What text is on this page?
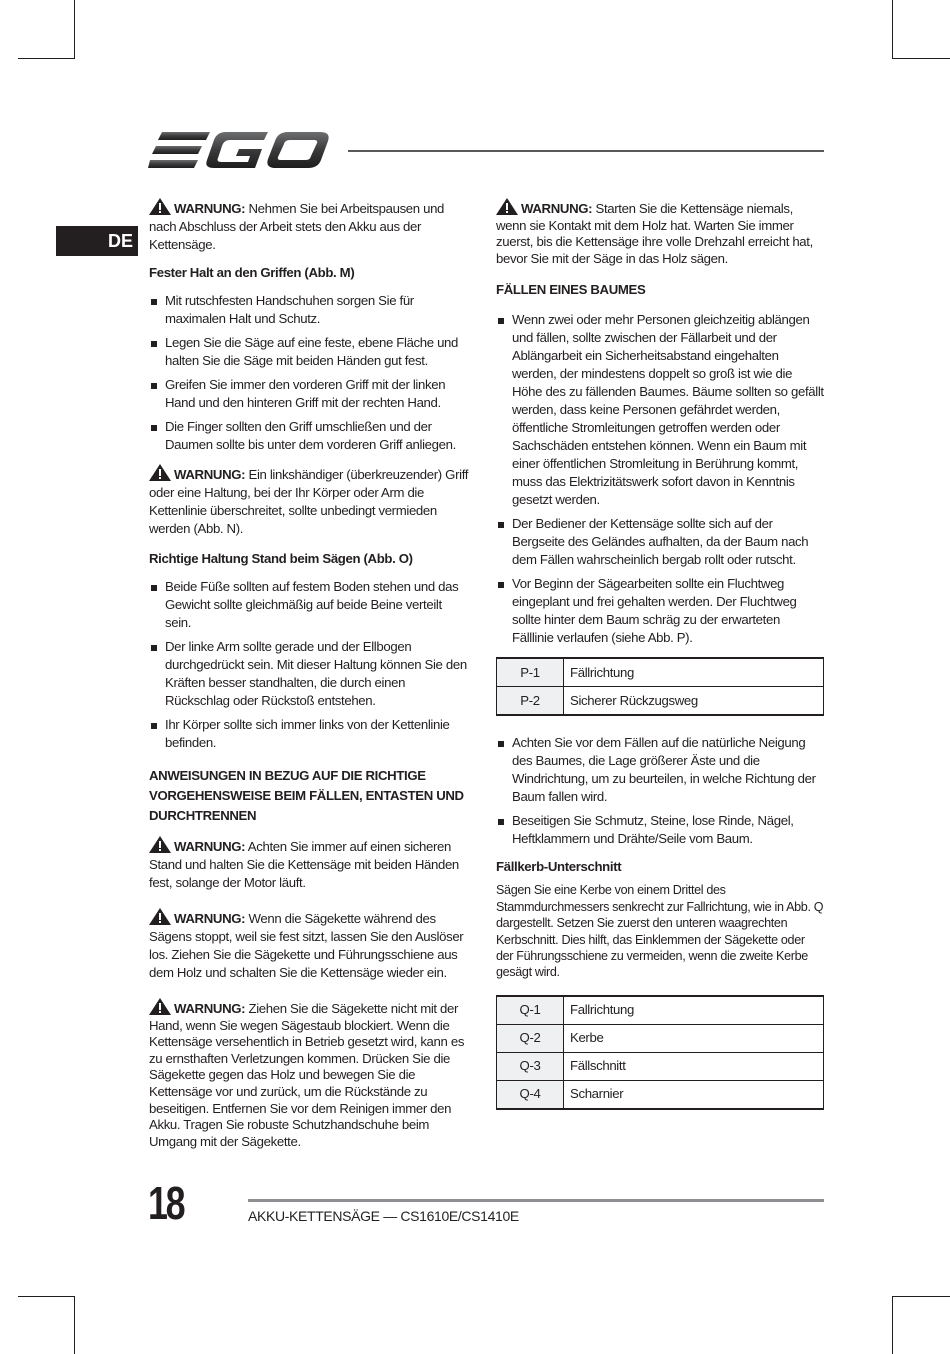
DE

WARNUNG: Nehmen Sie bei Arbeitspausen und nach Abschluss der Arbeit stets den Akku aus der Kettensäge.

Fester Halt an den Griffen (Abb. M)
Mit rutschfesten Handschuhen sorgen Sie für maximalen Halt und Schutz.
Legen Sie die Säge auf eine feste, ebene Fläche und halten Sie die Säge mit beiden Händen gut fest.
Greifen Sie immer den vorderen Griff mit der linken Hand und den hinteren Griff mit der rechten Hand.
Die Finger sollten den Griff umschließen und der Daumen sollte bis unter dem vorderen Griff anliegen.

WARNUNG: Ein linkshändiger (überkreuzender) Griff oder eine Haltung, bei der Ihr Körper oder Arm die Kettenlinie überschreitet, sollte unbedingt vermieden werden (Abb. N).

Richtige Haltung Stand beim Sägen (Abb. O)
Beide Füße sollten auf festem Boden stehen und das Gewicht sollte gleichmäßig auf beide Beine verteilt sein.
Der linke Arm sollte gerade und der Ellbogen durchgedrückt sein. Mit dieser Haltung können Sie den Kräften besser standhalten, die durch einen Rückschlag oder Rückstoß entstehen.
Ihr Körper sollte sich immer links von der Kettenlinie befinden.
ANWEISUNGEN IN BEZUG AUF DIE RICHTIGE VORGEHENSWEISE BEIM FÄLLEN, ENTASTEN UND DURCHTRENNEN

WARNUNG: Achten Sie immer auf einen sicheren Stand und halten Sie die Kettensäge mit beiden Händen fest, solange der Motor läuft.

WARNUNG: Wenn die Sägekette während des Sägens stoppt, weil sie fest sitzt, lassen Sie den Auslöser los. Ziehen Sie die Sägekette und Führungsschiene aus dem Holz und schalten Sie die Kettensäge wieder ein.

WARNUNG: Ziehen Sie die Sägekette nicht mit der Hand, wenn Sie wegen Sägestaub blockiert. Wenn die Kettensäge versehentlich in Betrieb gesetzt wird, kann es zu ernsthaften Verletzungen kommen. Drücken Sie die Sägekette gegen das Holz und bewegen Sie die Kettensäge vor und zurück, um die Rückstände zu beseitigen. Entfernen Sie vor dem Reinigen immer den Akku. Tragen Sie robuste Schutzhandschuhe beim Umgang mit der Sägekette.

WARNUNG: Starten Sie die Kettensäge niemals, wenn sie Kontakt mit dem Holz hat. Warten Sie immer zuerst, bis die Kettensäge ihre volle Drehzahl erreicht hat, bevor Sie mit der Säge in das Holz sägen.

FÄLLEN EINES BAUMES
Wenn zwei oder mehr Personen gleichzeitig ablängen und fällen, sollte zwischen der Fällarbeit und der Ablängarbeit ein Sicherheitsabstand eingehalten werden, der mindestens doppelt so groß ist wie die Höhe des zu fällenden Baumes. Bäume sollten so gefällt werden, dass keine Personen gefährdet werden, öffentliche Stromleitungen getroffen werden oder Sachschäden entstehen können. Wenn ein Baum mit einer öffentlichen Stromleitung in Berührung kommt, muss das Elektrizitätswerk sofort davon in Kenntnis gesetzt werden.
Der Bediener der Kettensäge sollte sich auf der Bergseite des Geländes aufhalten, da der Baum nach dem Fällen wahrscheinlich bergab rollt oder rutscht.
Vor Beginn der Sägearbeiten sollte ein Fluchtweg eingeplant und frei gehalten werden. Der Fluchtweg sollte hinter dem Baum schräg zu der erwarteten Fälllinie verlaufen (siehe Abb. P).
P-1	Fällrichtung
P-2	Sicherer Rückzugsweg
Achten Sie vor dem Fällen auf die natürliche Neigung des Baumes, die Lage größerer Äste und die Windrichtung, um zu beurteilen, in welche Richtung der Baum fallen wird.
Beseitigen Sie Schmutz, Steine, lose Rinde, Nägel, Heftklammern und Drähte/Seile vom Baum.
Fällkerb-Unterschnitt

Sägen Sie eine Kerbe von einem Drittel des Stammdurchmessers senkrecht zur Fallrichtung, wie in Abb. Q dargestellt. Setzen Sie zuerst den unteren waagrechten Kerbschnitt. Dies hilft, das Einklemmen der Sägekette oder der Führungsschiene zu vermeiden, wenn die zweite Kerbe gesägt wird.

Q-1	Fallrichtung
Q-2	Kerbe
Q-3	Fällschnitt
Q-4	Scharnier
18	AKKU-KETTENSÄGE — CS1610E/CS1410E
